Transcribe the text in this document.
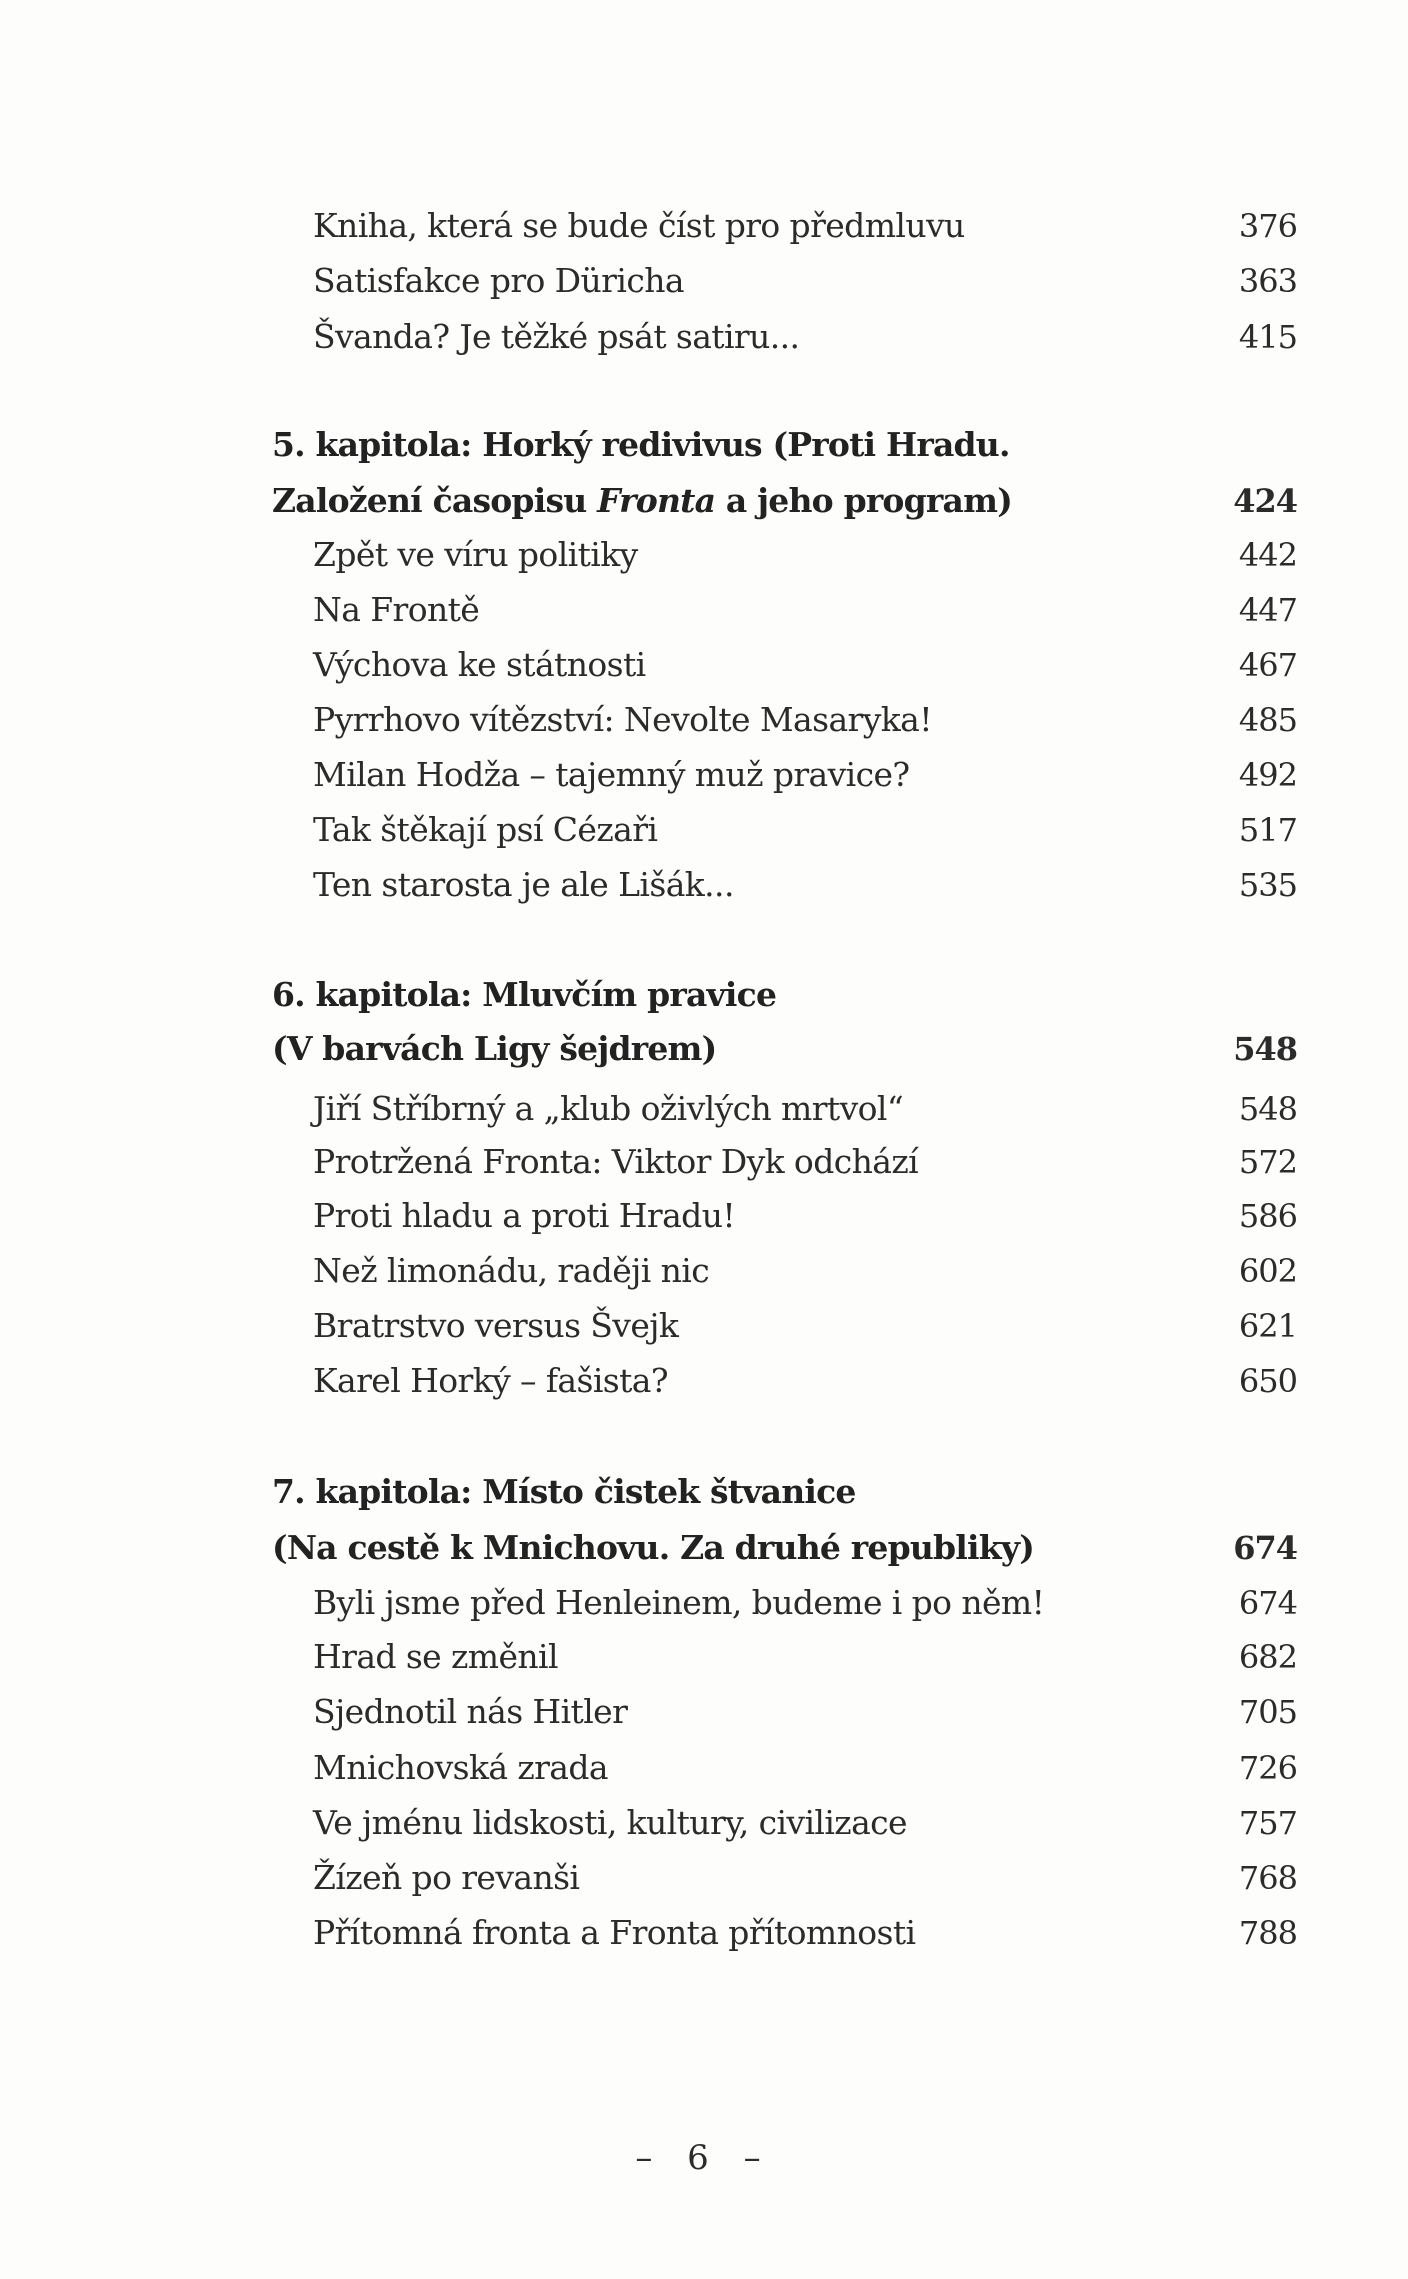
Kniha, která se bude číst pro předmluvu	376
Satisfakce pro Düricha	363
Švanda? Je těžké psát satiru...	415
5. kapitola: Horký redivivus (Proti Hradu.
Založení časopisu Fronta a jeho program)	424
Zpět ve víru politiky	442
Na Frontě	447
Výchova ke státnosti	467
Pyrrhovo vítězství: Nevolte Masaryka!	485
Milan Hodža – tajemný muž pravice?	492
Tak štěkají psí Cézaři	517
Ten starosta je ale Lišák...	535
6. kapitola: Mluvčím pravice
(V barvách Ligy šejdrem)	548
Jiří Stříbrný a „klub oživlých mrtvol“	548
Protržená Fronta: Viktor Dyk odchází	572
Proti hladu a proti Hradu!	586
Než limonádu, raději nic	602
Bratrstvo versus Švejk	621
Karel Horký – fašista?	650
7. kapitola: Místo čistek štvanice
(Na cestě k Mnichovu. Za druhé republiky)	674
Byli jsme před Henleinem, budeme i po něm!	674
Hrad se změnil	682
Sjednotil nás Hitler	705
Mnichovská zrada	726
Ve jménu lidskosti, kultury, civilizace	757
Žízeň po revanši	768
Přítomná fronta a Fronta přítomnosti	788
– 6 –
